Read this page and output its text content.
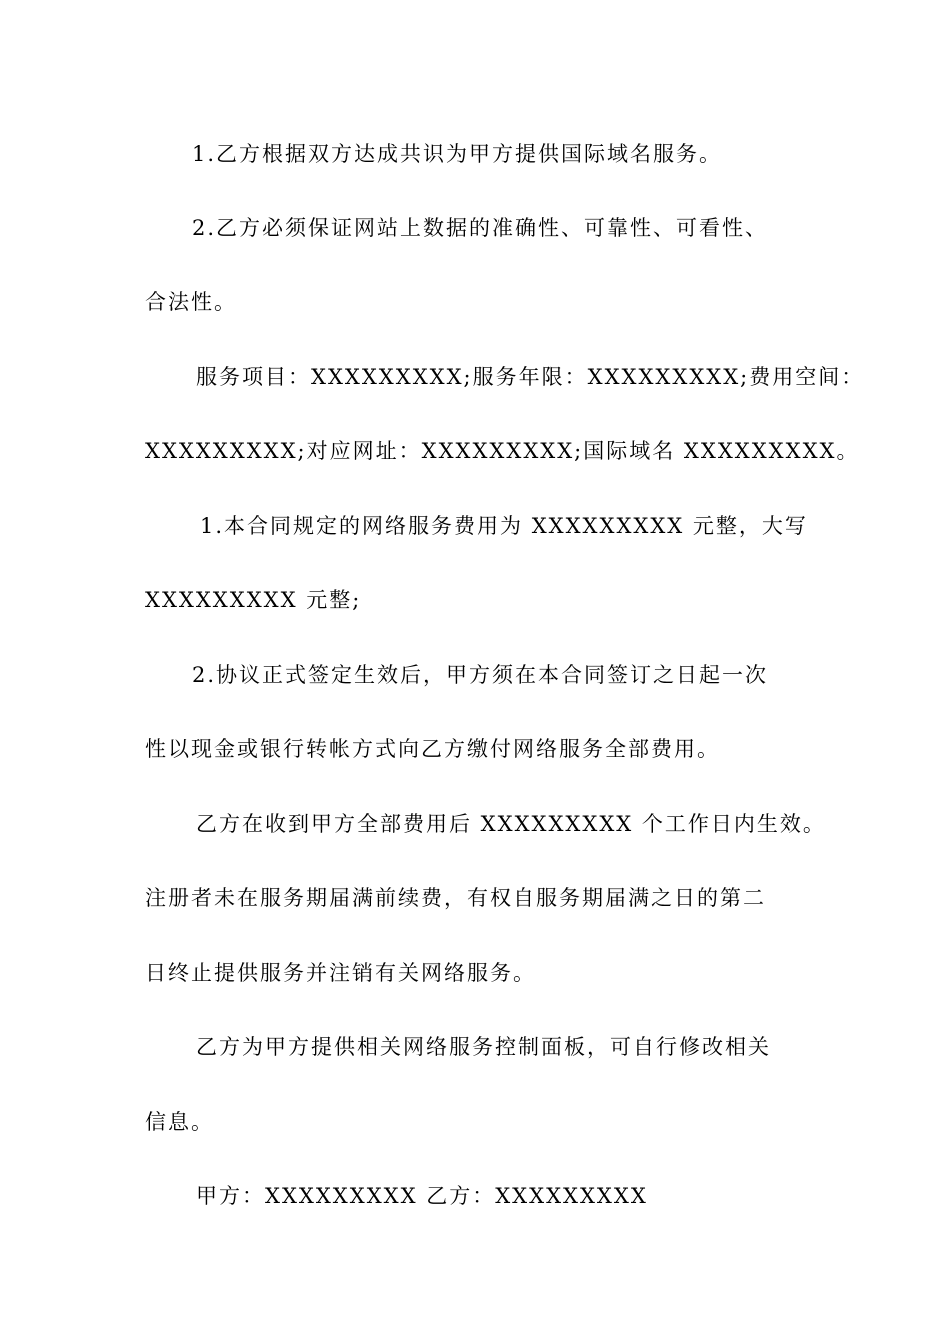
1.乙方根据双方达成共识为甲方提供国际域名服务。
2.乙方必须保证网站上数据的准确性、可靠性、可看性、
合法性。
服务项目：XXXXXXXXX;服务年限：XXXXXXXXX;费用空间：
XXXXXXXXX;对应网址：XXXXXXXXX;国际域名 XXXXXXXXX。
1.本合同规定的网络服务费用为 XXXXXXXXX 元整，大写
XXXXXXXXX 元整;
2.协议正式签定生效后，甲方须在本合同签订之日起一次
性以现金或银行转帐方式向乙方缴付网络服务全部费用。
乙方在收到甲方全部费用后 XXXXXXXXX 个工作日内生效。
注册者未在服务期届满前续费，有权自服务期届满之日的第二
日终止提供服务并注销有关网络服务。
乙方为甲方提供相关网络服务控制面板，可自行修改相关
信息。
甲方：XXXXXXXXX 乙方：XXXXXXXXX
